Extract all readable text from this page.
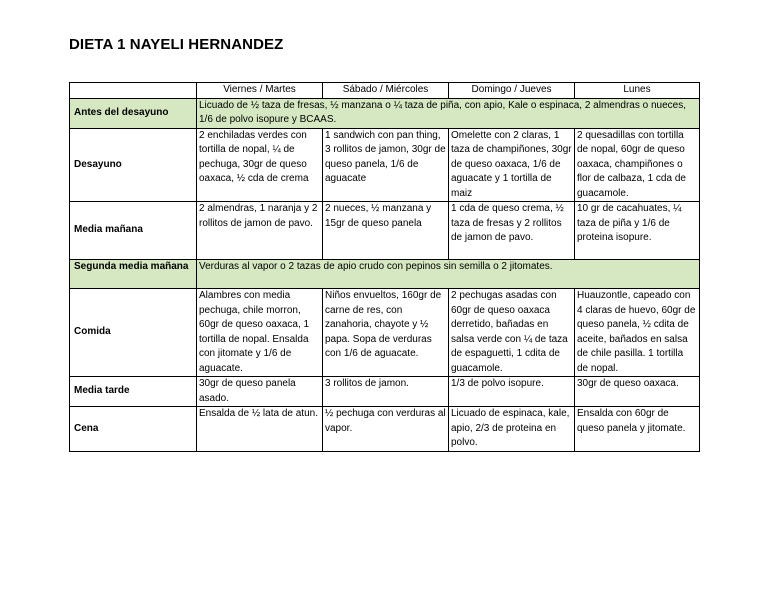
DIETA 1 NAYELI HERNANDEZ
	Viernes / Martes	Sábado / Miércoles	Domingo / Jueves	Lunes
Antes del desayuno	Licuado de ½ taza de fresas, ½ manzana o ¼ taza de piña, con apio, Kale o espinaca, 2 almendras o nueces, 1/6 de polvo isopure y BCAAS.			
Desayuno	2 enchiladas verdes con tortilla de nopal, ¼ de pechuga, 30gr de queso oaxaca, ½ cda de crema	1 sandwich con pan thing, 3 rollitos de jamon, 30gr de queso panela, 1/6 de aguacate	Omelette con 2 claras, 1 taza de champiñones, 30gr de queso oaxaca, 1/6 de aguacate y 1 tortilla de maiz	2 quesadillas con tortilla de nopal, 60gr de queso oaxaca, champiñones o flor de calbaza, 1 cda de guacamole.
Media mañana	2 almendras, 1 naranja y 2 rollitos de jamon de pavo.	2 nueces, ½ manzana y 15gr de queso panela	1 cda de queso crema, ½ taza de fresas y 2 rollitos de jamon de pavo.	10 gr de cacahuates, ¼ taza de piña y 1/6 de proteina isopure.
Segunda media mañana	Verduras al vapor o 2 tazas de apio crudo con pepinos sin semilla o 2 jitomates.			
Comida	Alambres con media pechuga, chile morron, 60gr de queso oaxaca, 1 tortilla de nopal. Ensalda con jitomate y 1/6 de aguacate.	Niños envueltos, 160gr de carne de res, con zanahoria, chayote y ½ papa. Sopa de verduras con 1/6 de aguacate.	2 pechugas asadas con 60gr de queso oaxaca derretido, bañadas en salsa verde con ¼ de taza de espaguetti, 1 cdita de guacamole.	Huauzontle, capeado con 4 claras de huevo, 60gr de queso panela, ½ cdita de aceite, bañados en salsa de chile pasilla. 1 tortilla de nopal.
Media tarde	30gr de queso panela asado.	3 rollitos de jamon.	1/3 de polvo isopure.	30gr de queso oaxaca.
Cena	Ensalda de ½ lata de atun.	½ pechuga con verduras al vapor.	Licuado de espinaca, kale, apio, 2/3 de proteina en polvo.	Ensalda con 60gr de queso panela y jitomate.
